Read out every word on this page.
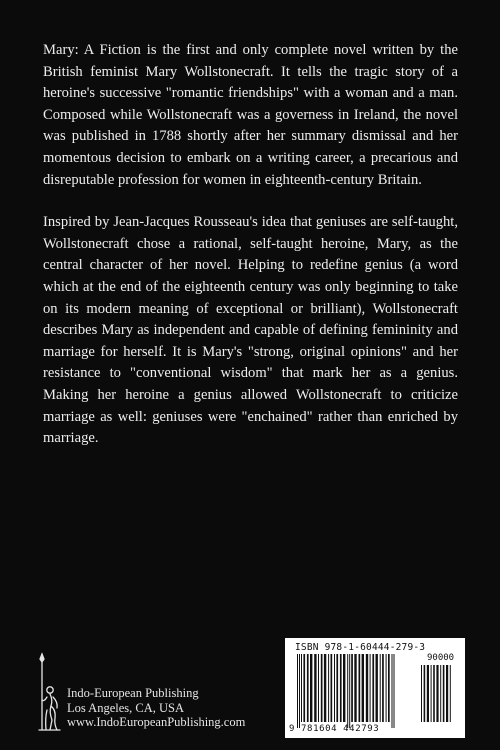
Mary: A Fiction is the first and only complete novel written by the British feminist Mary Wollstonecraft. It tells the tragic story of a heroine's successive "romantic friendships" with a woman and a man. Composed while Wollstonecraft was a governess in Ireland, the novel was published in 1788 shortly after her summary dismissal and her momentous decision to embark on a writing career, a precarious and disreputable profession for women in eighteenth-century Britain.

Inspired by Jean-Jacques Rousseau's idea that geniuses are self-taught, Wollstonecraft chose a rational, self-taught heroine, Mary, as the central character of her novel. Helping to redefine genius (a word which at the end of the eighteenth century was only beginning to take on its modern meaning of exceptional or brilliant), Wollstonecraft describes Mary as independent and capable of defining femininity and marriage for herself. It is Mary's "strong, original opinions" and her resistance to "conventional wisdom" that mark her as a genius. Making her heroine a genius allowed Wollstonecraft to criticize marriage as well: geniuses were "enchained" rather than enriched by marriage.

Indo-European Publishing
Los Angeles, CA, USA
www.IndoEuropeanPublishing.com
ISBN 978-1-60444-279-3
90000
9 781604 442793
